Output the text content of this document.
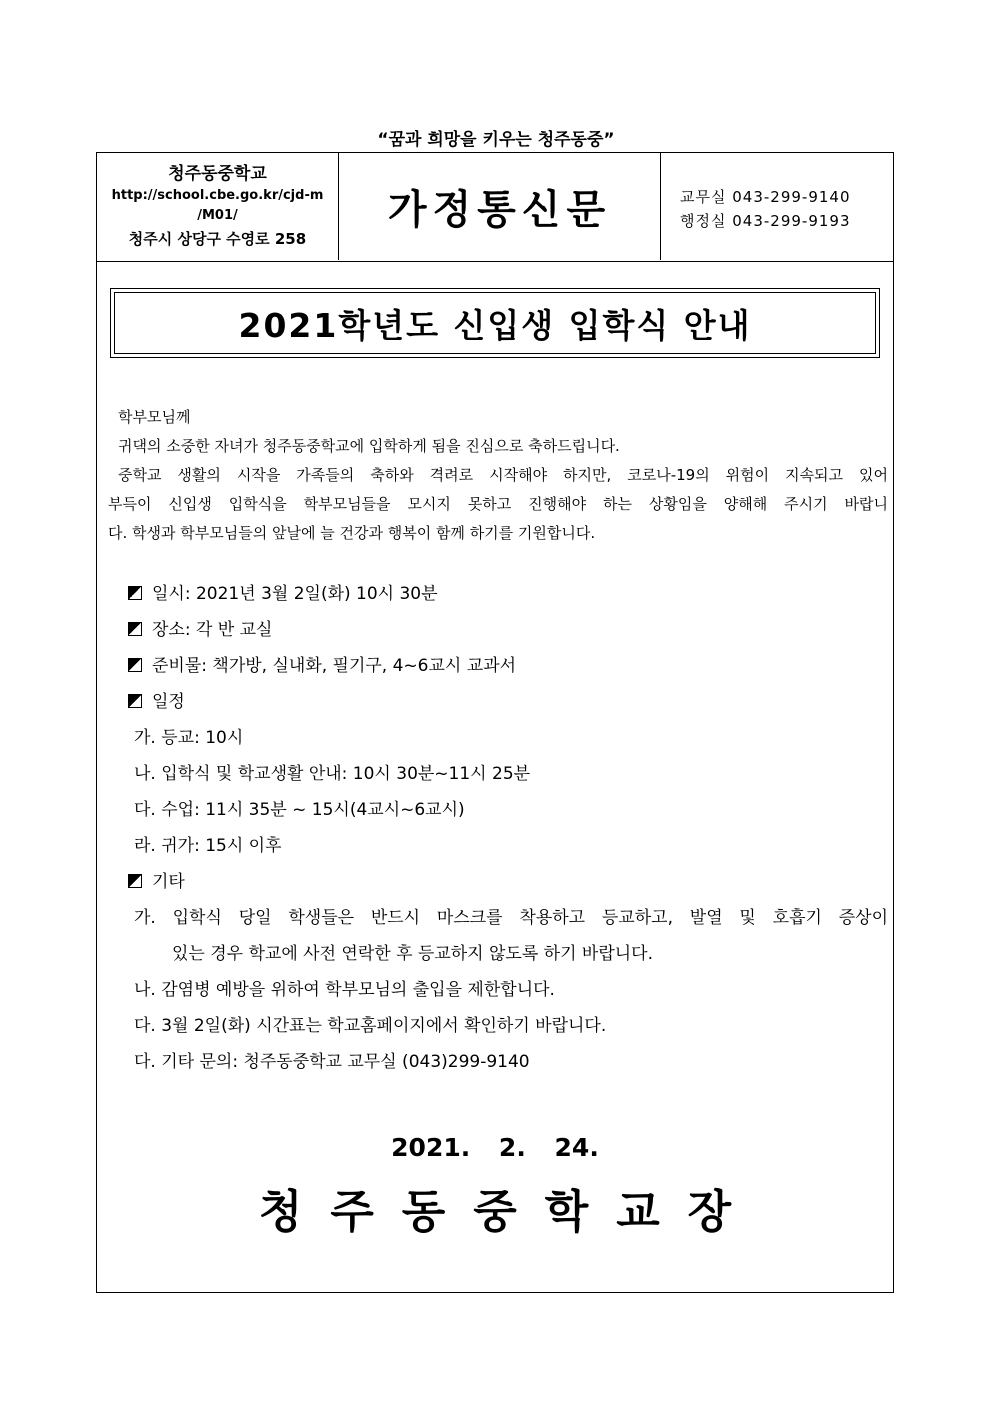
“꿈과 희망을 키우는 청주동중”
청주동중학교
http://school.cbe.go.kr/cjd-m
/M01/
청주시 상당구 수영로 258
가정통신문	교무실 043-299-9140
행정실 043-299-9193
2021학년도 신입생 입학식 안내

학부모님께

귀댁의 소중한 자녀가 청주동중학교에 입학하게 됨을 진심으로 축하드립니다.

중학교 생활의 시작을 가족들의 축하와 격려로 시작해야 하지만, 코로나-19의 위험이 지속되고 있어

부득이 신입생 입학식을 학부모님들을 모시지 못하고 진행해야 하는 상황임을 양해해 주시기 바랍니

다. 학생과 학부모님들의 앞날에 늘 건강과 행복이 함께 하기를 기원합니다.

일시: 2021년 3월 2일(화) 10시 30분
장소: 각 반 교실
준비물: 책가방, 실내화, 필기구, 4~6교시 교과서
일정
가. 등교: 10시
나. 입학식 및 학교생활 안내: 10시 30분~11시 25분
다. 수업: 11시 35분 ~ 15시(4교시~6교시)
라. 귀가: 15시 이후
기타
가. 입학식 당일 학생들은 반드시 마스크를 착용하고 등교하고, 발열 및 호흡기 증상이
있는 경우 학교에 사전 연락한 후 등교하지 않도록 하기 바랍니다.
나. 감염병 예방을 위하여 학부모님의 출입을 제한합니다.
다. 3월 2일(화) 시간표는 학교홈페이지에서 확인하기 바랍니다.
다. 기타 문의: 청주동중학교 교무실 (043)299-9140
2021. 2. 24.
청주동중학교장
